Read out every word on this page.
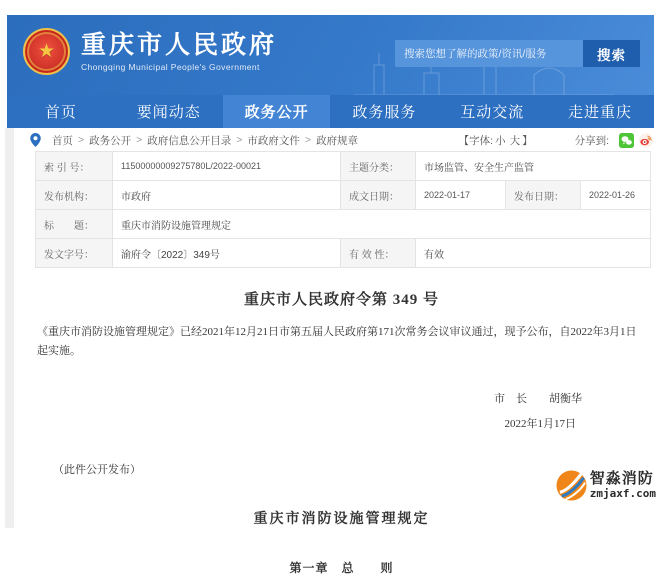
★ 重庆市人民政府
Chongqing Municipal People's Government
搜索您想了解的政策/资讯/服务
搜索
首页	要闻动态	政务公开	政务服务	互动交流	走进重庆
首页 > 政务公开 > 政府信息公开目录 > 市政府文件 > 政府规章	【字体: 小 大 】	分享到:
索 引 号：	11500000009275780L/2022-00021	主题分类：	市场监管、安全生产监管		
发布机构：	市政府	成文日期：	2022-01-17	发布日期：	2022-01-26
标　　题：	重庆市消防设施管理规定				
发文字号：	渝府令〔2022〕349号	有 效 性：	有效		
重庆市人民政府令第 349 号

《重庆市消防设施管理规定》已经2021年12月21日市第五届人民政府第171次常务会议审议通过，现予公布，自2022年3月1日起实施。

市　长　　胡衡华
2022年1月17日
（此件公开发布）
重庆市消防设施管理规定
第一章　总　　则
智淼消防
zmjaxf.com
